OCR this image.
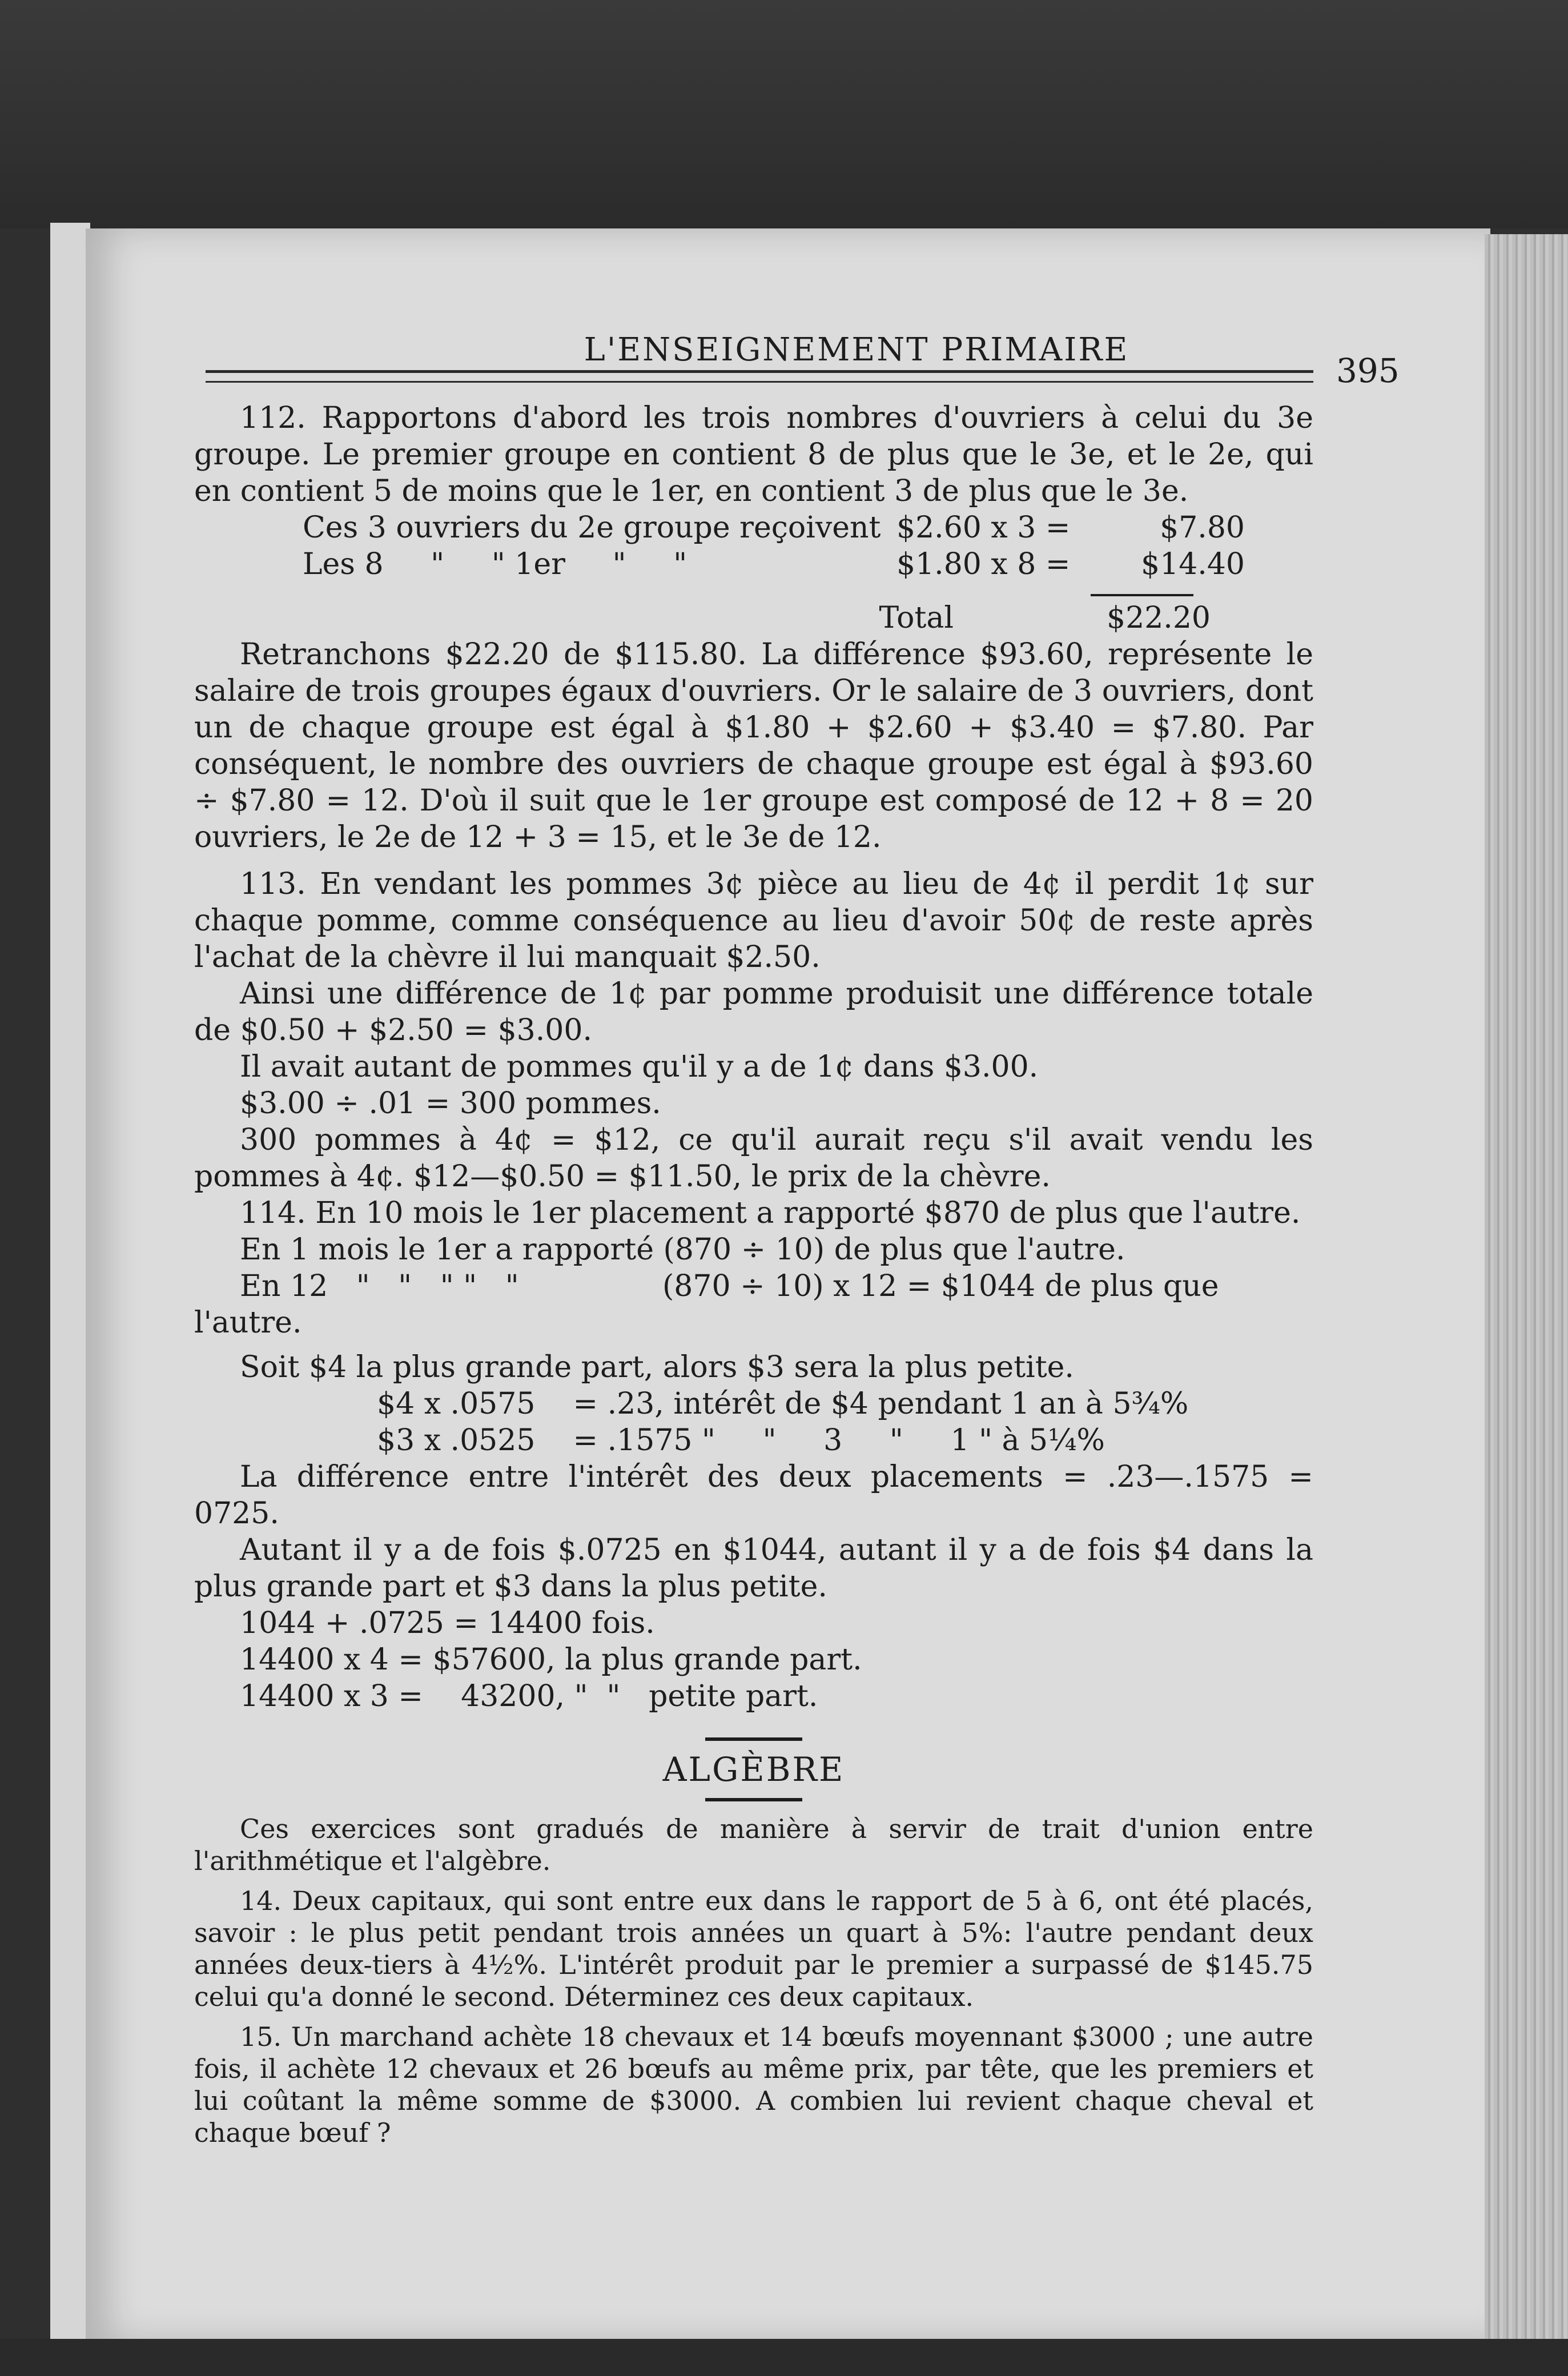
L'ENSEIGNEMENT PRIMAIRE
395

112. Rapportons d'abord les trois nombres d'ouvriers à celui du 3e groupe. Le premier groupe en contient 8 de plus que le 3e, et le 2e, qui en contient 5 de moins que le 1er, en contient 3 de plus que le 3e.

Ces 3 ouvriers du 2e groupe reçoivent $2.60 x 3 =	$7.80
Les 8     "     " 1er     "     "	$1.80 x 8 =	$14.40
Total	$22.20

Retranchons $22.20 de $115.80. La différence $93.60, représente le salaire de trois groupes égaux d'ouvriers. Or le salaire de 3 ouvriers, dont un de chaque groupe est égal à $1.80 + $2.60 + $3.40 = $7.80. Par conséquent, le nombre des ouvriers de chaque groupe est égal à $93.60 ÷ $7.80 = 12. D'où il suit que le 1er groupe est composé de 12 + 8 = 20 ouvriers, le 2e de 12 + 3 = 15, et le 3e de 12.

113. En vendant les pommes 3¢ pièce au lieu de 4¢ il perdit 1¢ sur chaque pomme, comme conséquence au lieu d'avoir 50¢ de reste après l'achat de la chèvre il lui manquait $2.50.

Ainsi une différence de 1¢ par pomme produisit une différence totale de $0.50 + $2.50 = $3.00.

Il avait autant de pommes qu'il y a de 1¢ dans $3.00.

$3.00 ÷ .01 = 300 pommes.

300 pommes à 4¢ = $12, ce qu'il aurait reçu s'il avait vendu les pommes à 4¢. $12—$0.50 = $11.50, le prix de la chèvre.

114. En 10 mois le 1er placement a rapporté $870 de plus que l'autre.

En 1 mois le 1er a rapporté (870 ÷ 10) de plus que l'autre.

En 12   "   "   " "   "	(870 ÷ 10) x 12 = $1044 de plus que

l'autre.

Soit $4 la plus grande part, alors $3 sera la plus petite.

$4 x .0575    = .23, intérêt de $4 pendant 1 an à 5¾%

$3 x .0525    = .1575 "     "     3     "     1 " à 5¼%

La différence entre l'intérêt des deux placements = .23—.1575 = 0725.

Autant il y a de fois $.0725 en $1044, autant il y a de fois $4 dans la plus grande part et $3 dans la plus petite.

1044 + .0725 = 14400 fois.

14400 x 4 = $57600, la plus grande part.

14400 x 3 =    43200, "  "   petite part.

ALGÈBRE

Ces exercices sont gradués de manière à servir de trait d'union entre l'arithmétique et l'algèbre.

14. Deux capitaux, qui sont entre eux dans le rapport de 5 à 6, ont été placés, savoir : le plus petit pendant trois années un quart à 5%: l'autre pendant deux années deux-tiers à 4½%. L'intérêt produit par le premier a surpassé de $145.75 celui qu'a donné le second. Déterminez ces deux capitaux.

15. Un marchand achète 18 chevaux et 14 bœufs moyennant $3000 ; une autre fois, il achète 12 chevaux et 26 bœufs au même prix, par tête, que les premiers et lui coûtant la même somme de $3000. A combien lui revient chaque cheval et chaque bœuf ?
